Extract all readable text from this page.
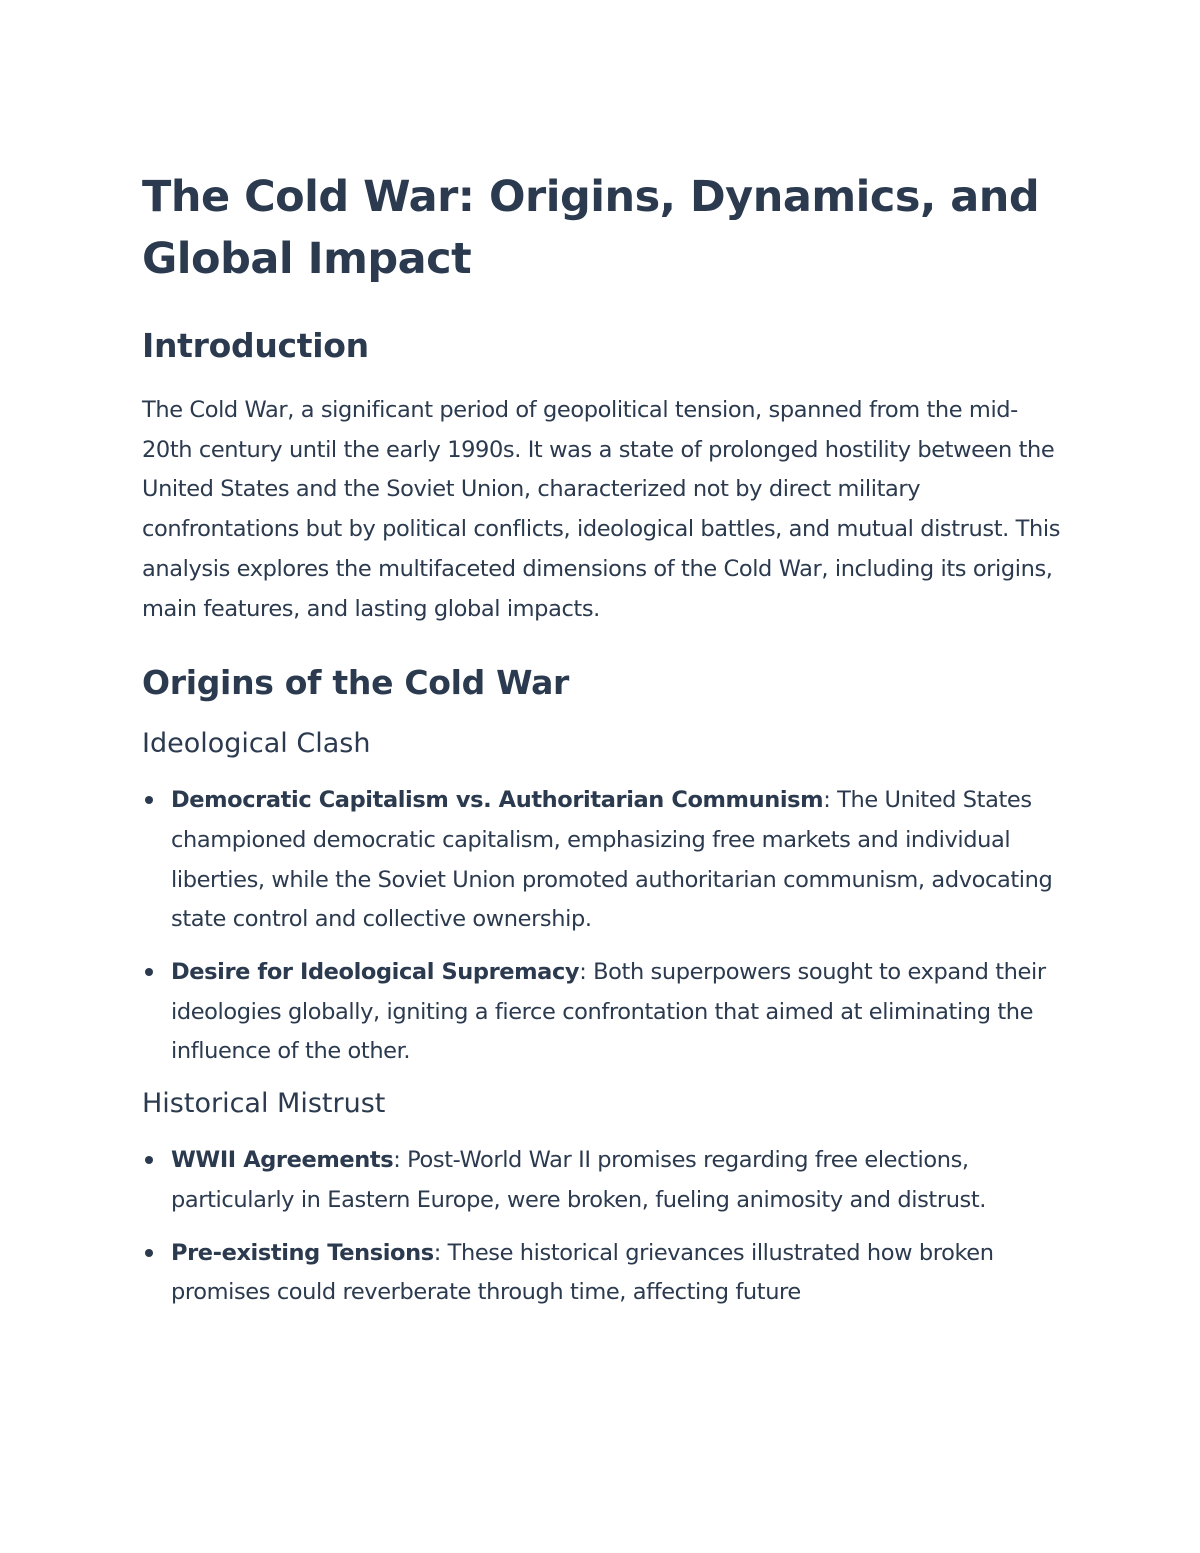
The Cold War: Origins, Dynamics, and Global Impact
Introduction

The Cold War, a significant period of geopolitical tension, spanned from the mid-20th century until the early 1990s. It was a state of prolonged hostility between the United States and the Soviet Union, characterized not by direct military confrontations but by political conflicts, ideological battles, and mutual distrust. This analysis explores the multifaceted dimensions of the Cold War, including its origins, main features, and lasting global impacts.

Origins of the Cold War
Ideological Clash
Democratic Capitalism vs. Authoritarian Communism: The United States championed democratic capitalism, emphasizing free markets and individual liberties, while the Soviet Union promoted authoritarian communism, advocating state control and collective ownership.
Desire for Ideological Supremacy: Both superpowers sought to expand their ideologies globally, igniting a fierce confrontation that aimed at eliminating the influence of the other.
Historical Mistrust
WWII Agreements: Post-World War II promises regarding free elections, particularly in Eastern Europe, were broken, fueling animosity and distrust.
Pre-existing Tensions: These historical grievances illustrated how broken promises could reverberate through time, affecting future
